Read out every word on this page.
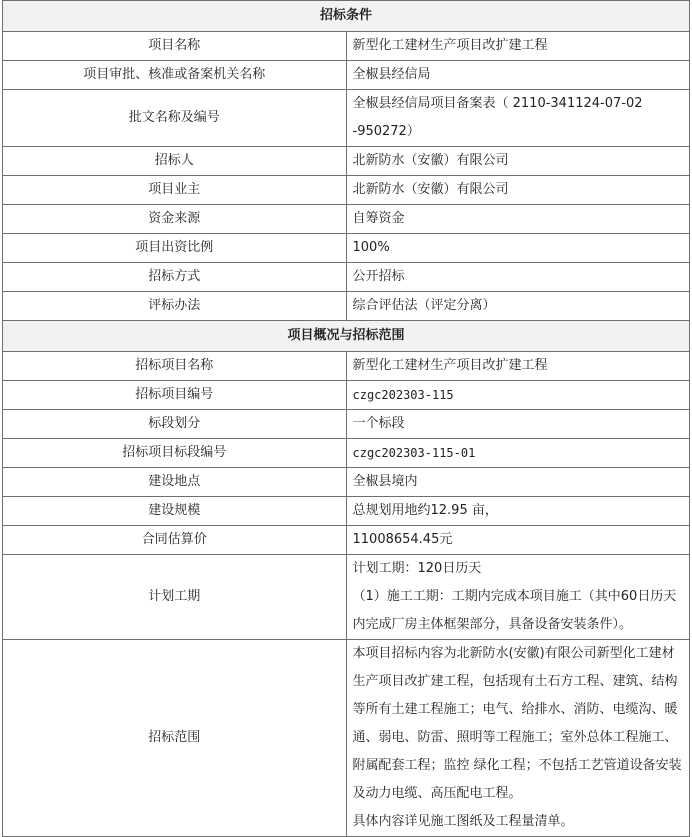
招标条件	
项目名称	新型化工建材生产项目改扩建工程
项目审批、核准或备案机关名称	全椒县经信局
批文名称及编号	全椒县经信局项目备案表（ 2110-341124-07-02 -950272）
招标人	北新防水（安徽）有限公司
项目业主	北新防水（安徽）有限公司
资金来源	自筹资金
项目出资比例	100%
招标方式	公开招标
评标办法	综合评估法（评定分离）
项目概况与招标范围	
招标项目名称	新型化工建材生产项目改扩建工程
招标项目编号	czgc202303-115
标段划分	一个标段
招标项目标段编号	czgc202303-115-01
建设地点	全椒县境内
建设规模	总规划用地约12.95 亩，
合同估算价	11008654.45元
计划工期	计划工期：120日历天
（1）施工工期：工期内完成本项目施工（其中60日历天内完成厂房主体框架部分，具备设备安装条件）。

招标范围	本项目招标内容为北新防水(安徽)有限公司新型化工建材生产项目改扩建工程，包括现有土石方工程、建筑、结构等所有土建工程施工；电气、给排水、消防、电缆沟、暖通、弱电、防雷、照明等工程施工；室外总体工程施工、附属配套工程；监控 绿化工程；不包括工艺管道设备安装及动力电缆、高压配电工程。
具体内容详见施工图纸及工程量清单。
